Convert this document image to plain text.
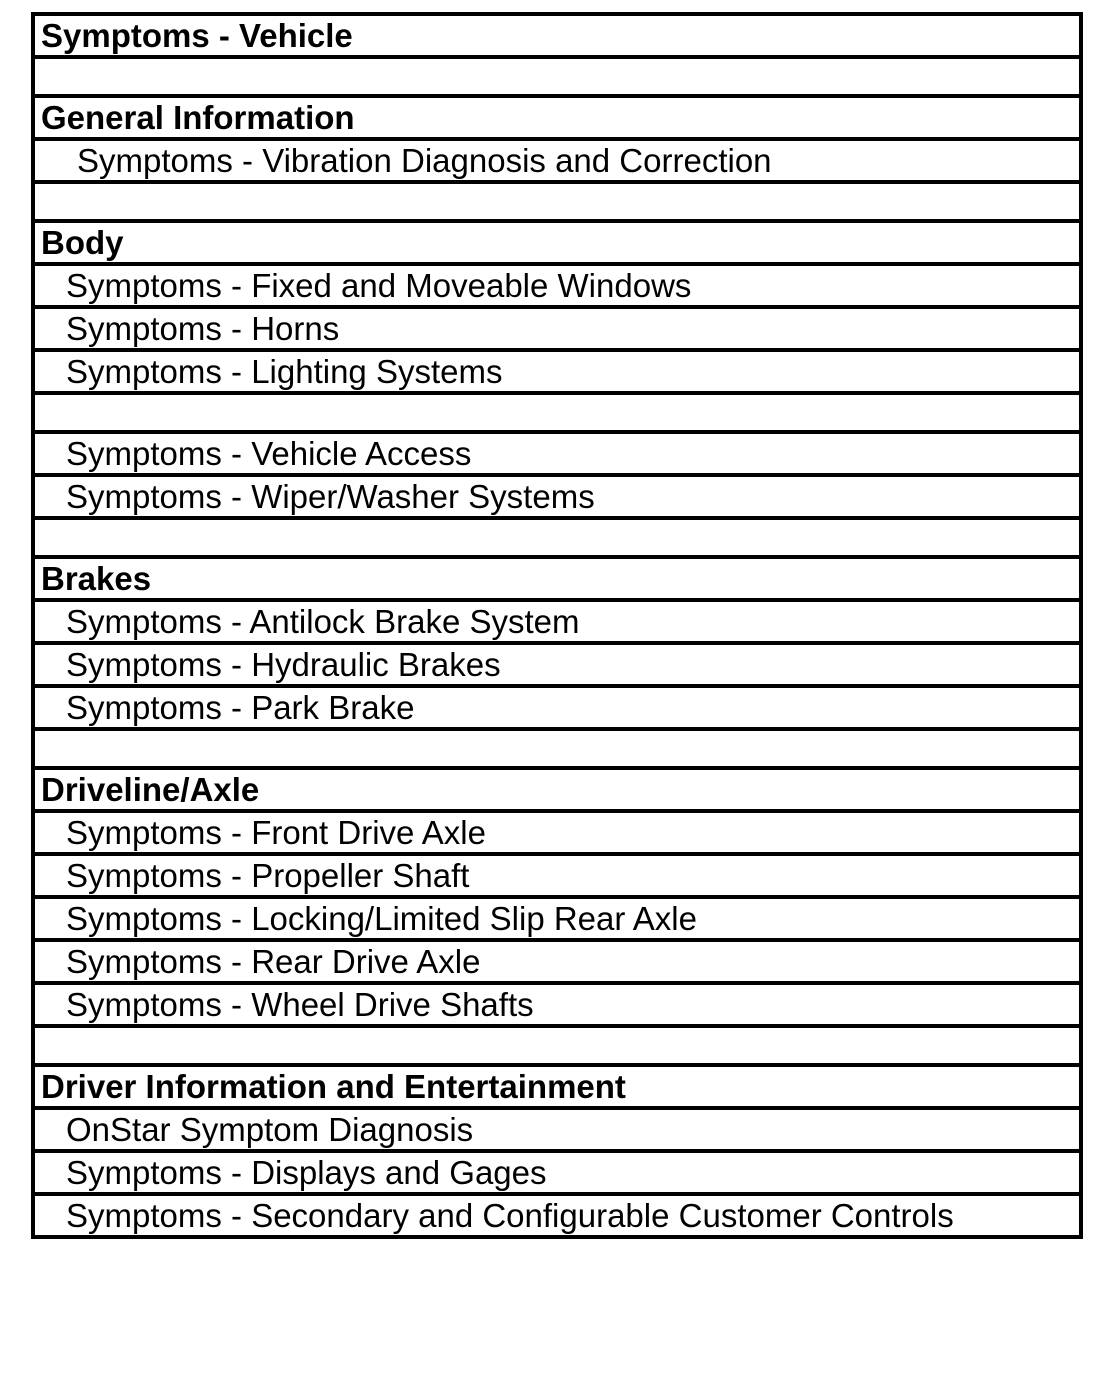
Symptoms - Vehicle

General Information
Symptoms - Vibration Diagnosis and Correction

Body
Symptoms - Fixed and Moveable Windows
Symptoms - Horns
Symptoms - Lighting Systems

Symptoms - Vehicle Access
Symptoms - Wiper/Washer Systems

Brakes
Symptoms - Antilock Brake System
Symptoms - Hydraulic Brakes
Symptoms - Park Brake

Driveline/Axle
Symptoms - Front Drive Axle
Symptoms - Propeller Shaft
Symptoms - Locking/Limited Slip Rear Axle
Symptoms - Rear Drive Axle
Symptoms - Wheel Drive Shafts

Driver Information and Entertainment
OnStar Symptom Diagnosis
Symptoms - Displays and Gages
Symptoms - Secondary and Configurable Customer Controls
